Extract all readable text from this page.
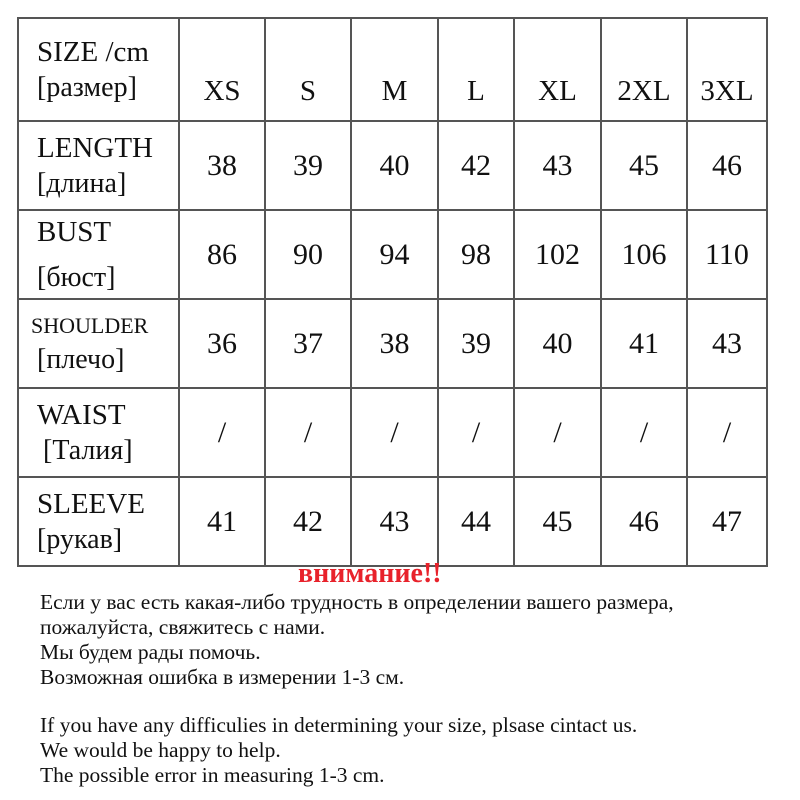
SIZE /cm
[размер]	XS	S	M	L	XL	2XL	3XL

LENGTH
[длина]	38	39	40	42	43	45	46

BUST
[бюст]	86	90	94	98	102	106	110

SHOULDER
[плечо]	36	37	38	39	40	41	43

WAIST
[Талия]	/	/	/	/	/	/	/

SLEEVE
[рукав]	41	42	43	44	45	46	47
внимание!!
Если у вас есть какая-либо трудность в определении вашего размера,
пожалуйста, свяжитесь с нами.
Мы будем рады помочь.
Возможная ошибка в измерении 1-3 см.
If you have any difficulies in determining your size, plsase cintact us.
We would be happy to help.
The possible error in measuring 1-3 cm.
